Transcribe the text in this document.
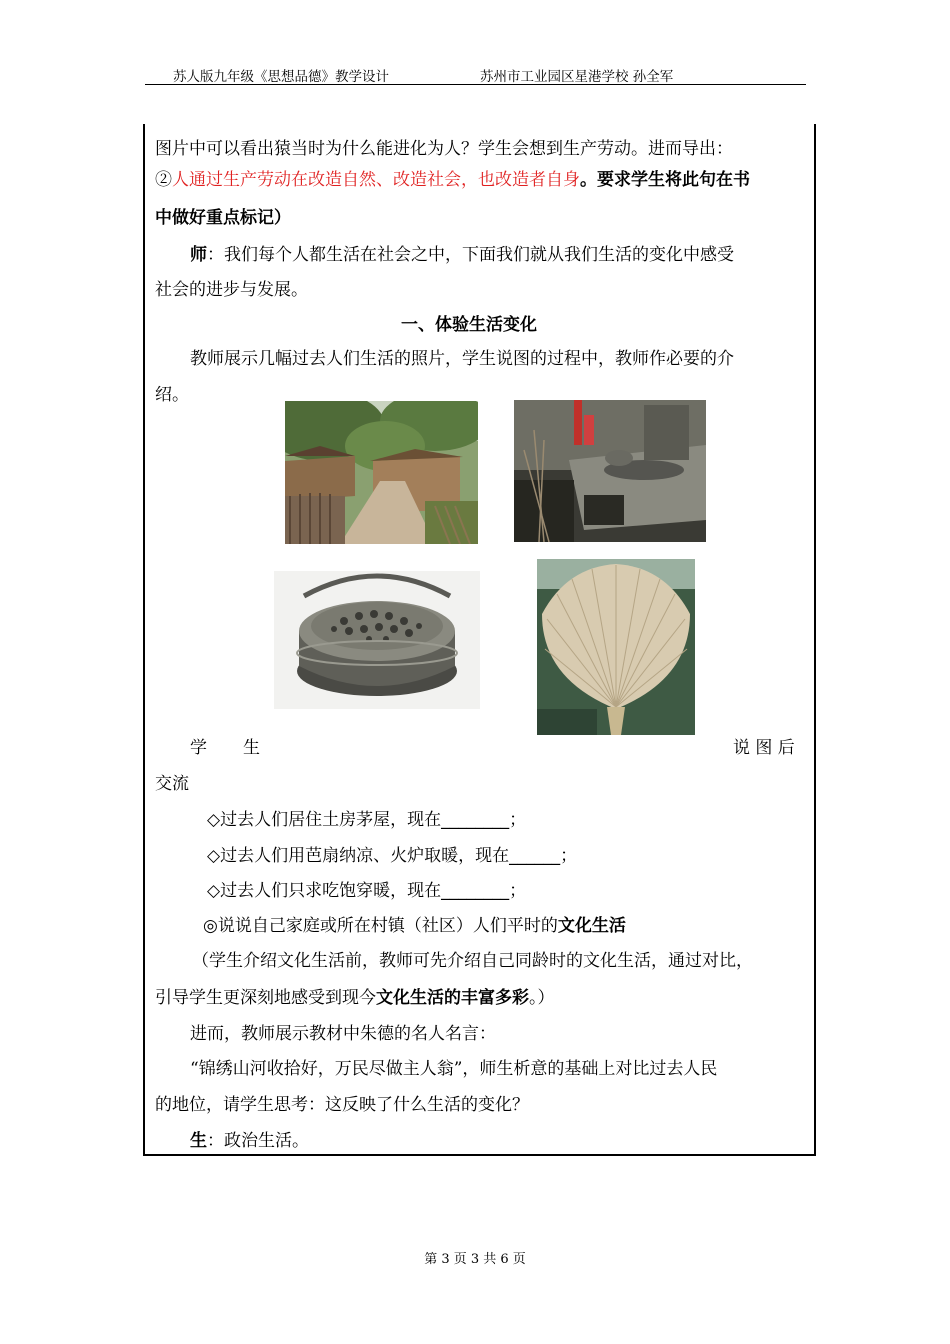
苏人版九年级《思想品德》教学设计	苏州市工业园区星港学校 孙全军
图片中可以看出猿当时为什么能进化为人？学生会想到生产劳动。进而导出：
②人通过生产劳动在改造自然、改造社会，也改造者自身。要求学生将此句在书
中做好重点标记）
师：我们每个人都生活在社会之中，下面我们就从我们生活的变化中感受
社会的进步与发展。
一、体验生活变化
教师展示几幅过去人们生活的照片，学生说图的过程中，教师作必要的介
绍。
学 生	说 图 后
交流
◇过去人们居住土房茅屋，现在________；
◇过去人们用芭扇纳凉、火炉取暖，现在______；
◇过去人们只求吃饱穿暖，现在________；
◎说说自己家庭或所在村镇（社区）人们平时的文化生活
（学生介绍文化生活前，教师可先介绍自己同龄时的文化生活，通过对比，
引导学生更深刻地感受到现今文化生活的丰富多彩。）
进而，教师展示教材中朱德的名人名言：
“锦绣山河收拾好，万民尽做主人翁”，师生析意的基础上对比过去人民
的地位，请学生思考：这反映了什么生活的变化？
生：政治生活。
第 3 页 3 共 6 页
